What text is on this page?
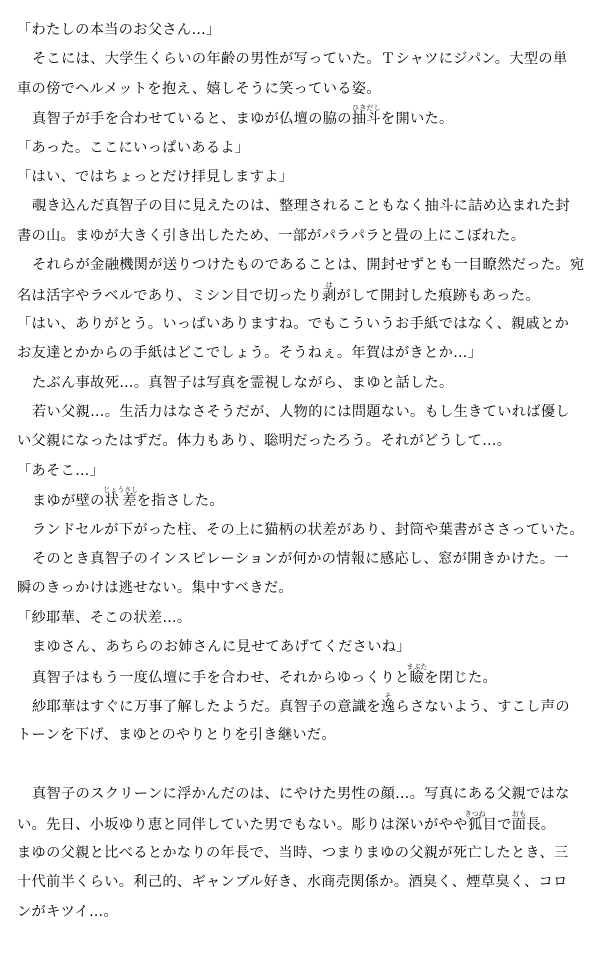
「わたしの本当のお父さん…」
そこには、大学生くらいの年齢の男性が写っていた。Ｔシャツにジパン。大型の単
車の傍でヘルメットを抱え、嬉しそうに笑っている姿。
真智子が手を合わせていると、まゆが仏壇の脇の抽斗ひきだしを開いた。
「あった。ここにいっぱいあるよ」
「はい、ではちょっとだけ拝見しますよ」
覗き込んだ真智子の目に見えたのは、整理されることもなく抽斗に詰め込まれた封
書の山。まゆが大きく引き出したため、一部がパラパラと畳の上にこぼれた。
それらが金融機関が送りつけたものであることは、開封せずとも一目瞭然だった。宛
名は活字やラベルであり、ミシン目で切ったり剥はがして開封した痕跡もあった。
「はい、ありがとう。いっぱいありますね。でもこういうお手紙ではなく、親戚とか
お友達とかからの手紙はどこでしょう。そうねぇ。年賀はがきとか…」
たぶん事故死…。真智子は写真を霊視しながら、まゆと話した。
若い父親…。生活力はなさそうだが、人物的には問題ない。もし生きていれば優し
い父親になったはずだ。体力もあり、聡明だったろう。それがどうして…。
「あそこ…」
まゆが壁の状差じょうさしを指さした。
ランドセルが下がった柱、その上に猫柄の状差があり、封筒や葉書がささっていた。
そのとき真智子のインスピレーションが何かの情報に感応し、窓が開きかけた。一
瞬のきっかけは逃せない。集中すべきだ。
「紗耶華、そこの状差…。
まゆさん、あちらのお姉さんに見せてあげてくださいね」
真智子はもう一度仏壇に手を合わせ、それからゆっくりと瞼まぶたを閉じた。
紗耶華はすぐに万事了解したようだ。真智子の意識を逸そらさないよう、すこし声の
トーンを下げ、まゆとのやりとりを引き継いだ。
真智子のスクリーンに浮かんだのは、にやけた男性の顔…。写真にある父親ではな
い。先日、小坂ゆり恵と同伴していた男でもない。彫りは深いがやや狐きつね目で面おも長。
まゆの父親と比べるとかなりの年長で、当時、つまりまゆの父親が死亡したとき、三
十代前半くらい。利己的、ギャンブル好き、水商売関係か。酒臭く、煙草臭く、コロ
ンがキツイ…。
